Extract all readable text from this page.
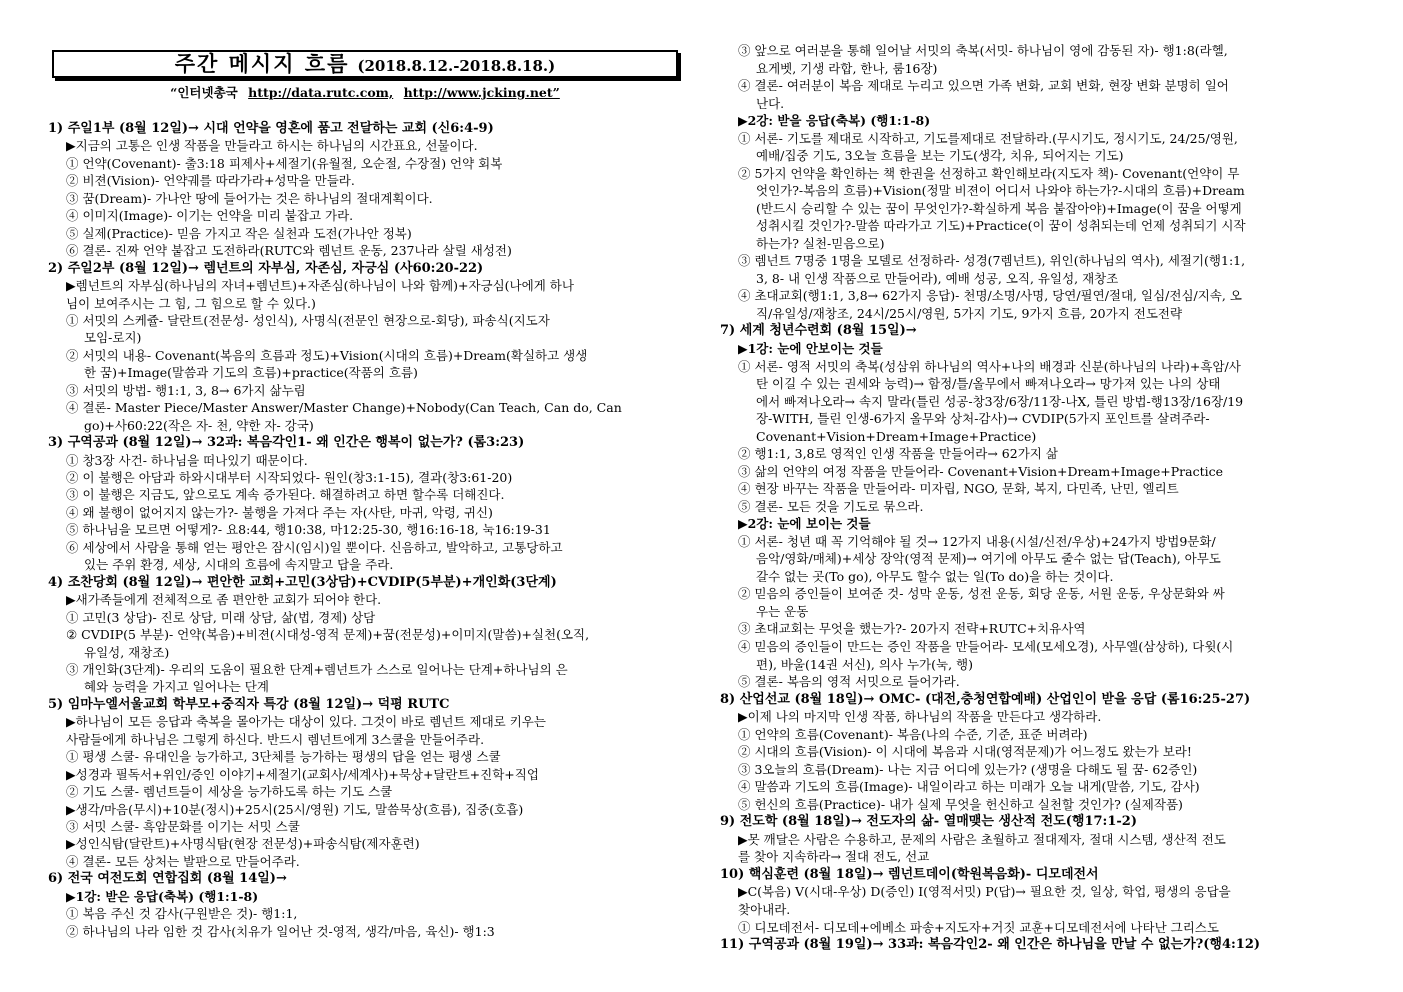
주간 메시지 흐름 (2018.8.12.-2018.8.18.)
“인터넷총국 http://data.rutc.com, http://www.jcking.net”
1) 주일1부 (8월 12일)→ 시대 언약을 영혼에 품고 전달하는 교회 (신6:4-9)
▶지금의 고통은 인생 작품을 만들라고 하시는 하나님의 시간표요, 선물이다.
① 언약(Covenant)- 출3:18 피제사+세절기(유월절, 오순절, 수장절) 언약 회복
② 비젼(Vision)- 언약궤를 따라가라+성막을 만들라.
③ 꿈(Dream)- 가나안 땅에 들어가는 것은 하나님의 절대계획이다.
④ 이미지(Image)- 이기는 언약을 미리 붙잡고 가라.
⑤ 실제(Practice)- 믿음 가지고 작은 실천과 도전(가나안 정복)
⑥ 결론- 진짜 언약 붙잡고 도전하라(RUTC와 렘넌트 운동, 237나라 살릴 새성전)
2) 주일2부 (8월 12일)→ 렘넌트의 자부심, 자존심, 자긍심 (사60:20-22)
▶렘넌트의 자부심(하나님의 자녀+렘넌트)+자존심(하나님이 나와 함께)+자긍심(나에게 하나
님이 보여주시는 그 힘, 그 힘으로 할 수 있다.)
① 서밋의 스케쥴- 달란트(전문성- 성인식), 사명식(전문인 현장으로-회당), 파송식(지도자
모임-로지)
② 서밋의 내용- Covenant(복음의 흐름과 정도)+Vision(시대의 흐름)+Dream(확실하고 생생
한 꿈)+Image(말씀과 기도의 흐름)+practice(작품의 흐름)
③ 서밋의 방법- 행1:1, 3, 8→ 6가지 삶누림
④ 결론- Master Piece/Master Answer/Master Change)+Nobody(Can Teach, Can do, Can
go)+사60:22(작은 자- 천, 약한 자- 강국)
3) 구역공과 (8월 12일)→ 32과: 복음각인1- 왜 인간은 행복이 없는가? (롬3:23)
① 창3장 사건- 하나님을 떠나있기 때문이다.
② 이 불행은 아담과 하와시대부터 시작되었다- 원인(창3:1-15), 결과(창3:61-20)
③ 이 불행은 지금도, 앞으로도 계속 증가된다. 해결하려고 하면 할수록 더해진다.
④ 왜 불행이 없어지지 않는가?- 불행을 가져다 주는 자(사탄, 마귀, 악령, 귀신)
⑤ 하나님을 모르면 어떻게?- 요8:44, 행10:38, 마12:25-30, 행16:16-18, 눅16:19-31
⑥ 세상에서 사람을 통해 얻는 평안은 잠시(임시)일 뿐이다. 신음하고, 발악하고, 고통당하고
있는 주위 환경, 세상, 시대의 흐름에 속지말고 답을 주라.
4) 조찬당회 (8월 12일)→ 편안한 교회+고민(3상담)+CVDIP(5부분)+개인화(3단계)
▶새가족들에게 전체적으로 좀 편안한 교회가 되어야 한다.
① 고민(3 상담)- 진로 상담, 미래 상담, 삶(법, 경제) 상담
② CVDIP(5 부분)- 언약(복음)+비젼(시대성-영적 문제)+꿈(전문성)+이미지(말씀)+실천(오직,
유일성, 재창조)
③ 개인화(3단계)- 우리의 도움이 필요한 단계+렘넌트가 스스로 일어나는 단계+하나님의 은
혜와 능력을 가지고 일어나는 단계
5) 임마누엘서울교회 학부모+중직자 특강 (8월 12일)→ 덕평 RUTC
▶하나님이 모든 응답과 축복을 몰아가는 대상이 있다. 그것이 바로 렘넌트 제대로 키우는
사람들에게 하나님은 그렇게 하신다. 반드시 렘넌트에게 3스쿨을 만들어주라.
① 평생 스쿨- 유대인을 능가하고, 3단체를 능가하는 평생의 답을 얻는 평생 스쿨
▶성경과 필독서+위인/증인 이야기+세절기(교회사/세계사)+묵상+달란트+진학+직업
② 기도 스쿨- 렘넌트들이 세상을 능가하도록 하는 기도 스쿨
▶생각/마음(무시)+10분(정시)+25시(25시/영원) 기도, 말씀묵상(흐름), 집중(호흡)
③ 서밋 스쿨- 흑암문화를 이기는 서밋 스쿨
▶성인식탐(달란트)+사명식탐(현장 전문성)+파송식탐(제자훈련)
④ 결론- 모든 상처는 발판으로 만들어주라.
6) 전국 여전도회 연합집회 (8월 14일)→
▶1강: 받은 응답(축복) (행1:1-8)
① 복음 주신 것 감사(구원받은 것)- 행1:1,
② 하나님의 나라 임한 것 감사(치유가 일어난 것-영적, 생각/마음, 육신)- 행1:3
③ 앞으로 여러분을 통해 일어날 서밋의 축복(서밋- 하나님이 영에 감동된 자)- 행1:8(라헬,
요게벳, 기생 라합, 한나, 룸16장)
④ 결론- 여러분이 복음 제대로 누리고 있으면 가족 변화, 교회 변화, 현장 변화 분명히 일어
난다.
▶2강: 받을 응답(축복) (행1:1-8)
① 서론- 기도를 제대로 시작하고, 기도를제대로 전달하라.(무시기도, 정시기도, 24/25/영원,
예배/집중 기도, 3오늘 흐름을 보는 기도(생각, 치유, 되어지는 기도)
② 5가지 언약을 확인하는 책 한권을 선정하고 확인해보라(지도자 책)- Covenant(언약이 무
엇인가?-복음의 흐름)+Vision(정말 비젼이 어디서 나와야 하는가?-시대의 흐름)+Dream
(반드시 승리할 수 있는 꿈이 무엇인가?-확실하게 복음 붙잡아야)+Image(이 꿈을 어떻게
성취시킬 것인가?-말씀 따라가고 기도)+Practice(이 꿈이 성취되는데 언제 성취되기 시작
하는가? 실천-믿음으로)
③ 렘넌트 7명중 1명을 모델로 선정하라- 성경(7렘넌트), 위인(하나님의 역사), 세절기(행1:1,
3, 8- 내 인생 작품으로 만들어라), 예배 성공, 오직, 유일성, 재창조
④ 초대교회(행1:1, 3,8→ 62가지 응답)- 천명/소명/사명, 당연/필연/절대, 일심/전심/지속, 오
직/유일성/재창조, 24시/25시/영원, 5가지 기도, 9가지 흐름, 20가지 전도전략
7) 세계 청년수련회 (8월 15일)→
▶1강: 눈에 안보이는 것들
① 서론- 영적 서밋의 축복(성삼위 하나님의 역사+나의 배경과 신분(하나님의 나라)+흑암/사
탄 이길 수 있는 권세와 능력)→ 함정/틀/올무에서 빠져나오라→ 망가져 있는 나의 상태
에서 빠져나오라→ 속지 말라(틀린 성공-창3장/6장/11장-나X, 틀린 방법-행13장/16장/19
장-WITH, 틀린 인생-6가지 올무와 상처-감사)→ CVDIP(5가지 포인트를 살려주라-
Covenant+Vision+Dream+Image+Practice)
② 행1:1, 3,8로 영적인 인생 작품을 만들어라→ 62가지 삶
③ 삶의 언약의 여정 작품을 만들어라- Covenant+Vision+Dream+Image+Practice
④ 현장 바꾸는 작품을 만들어라- 미자립, NGO, 문화, 복지, 다민족, 난민, 엘리트
⑤ 결론- 모든 것을 기도로 묶으라.
▶2강: 눈에 보이는 것들
① 서론- 청년 때 꼭 기억해야 될 것→ 12가지 내용(시설/신전/우상)+24가지 방법9문화/
음악/영화/매체)+세상 장악(영적 문제)→ 여기에 아무도 줄수 없는 답(Teach), 아무도
갈수 없는 곳(To go), 아무도 할수 없는 일(To do)을 하는 것이다.
② 믿음의 증인들이 보여준 것- 성막 운동, 성전 운동, 회당 운동, 서원 운동, 우상문화와 싸
우는 운동
③ 초대교회는 무엇을 했는가?- 20가지 전략+RUTC+치유사역
④ 믿음의 증인들이 만드는 증인 작품을 만들어라- 모세(모세오경), 사무엘(삼상하), 다윗(시
편), 바울(14권 서신), 의사 누가(눅, 행)
⑤ 결론- 복음의 영적 서밋으로 들어가라.
8) 산업선교 (8월 18일)→ OMC- (대전,충청연합예배) 산업인이 받을 응답 (롬16:25-27)
▶이제 나의 마지막 인생 작품, 하나님의 작품을 만든다고 생각하라.
① 언약의 흐름(Covenant)- 복음(나의 수준, 기준, 표준 버려라)
② 시대의 흐름(Vision)- 이 시대에 복음과 시대(영적문제)가 어느정도 왔는가 보라!
③ 3오늘의 흐름(Dream)- 나는 지금 어디에 있는가? (생명을 다해도 될 꿈- 62증인)
④ 말씀과 기도의 흐름(Image)- 내일이라고 하는 미래가 오늘 내게(말씀, 기도, 감사)
⑤ 헌신의 흐름(Practice)- 내가 실제 무엇을 헌신하고 실천할 것인가? (실제작품)
9) 전도학 (8월 18일)→ 전도자의 삶- 열매맺는 생산적 전도(행17:1-2)
▶못 깨달은 사람은 수용하고, 문제의 사람은 초월하고 절대제자, 절대 시스템, 생산적 전도
를 찾아 지속하라→ 절대 전도, 선교
10) 핵심훈련 (8월 18일)→ 렘넌트데이(학원복음화)- 디모데전서
▶C(복음) V(시대-우상) D(증인) I(영적서밋) P(답)→ 필요한 것, 일상, 학업, 평생의 응답을
찾아내라.
① 디모데전서- 디모데+에베소 파송+지도자+거짓 교훈+디모데전서에 나타난 그리스도
11) 구역공과 (8월 19일)→ 33과: 복음각인2- 왜 인간은 하나님을 만날 수 없는가?(행4:12)
